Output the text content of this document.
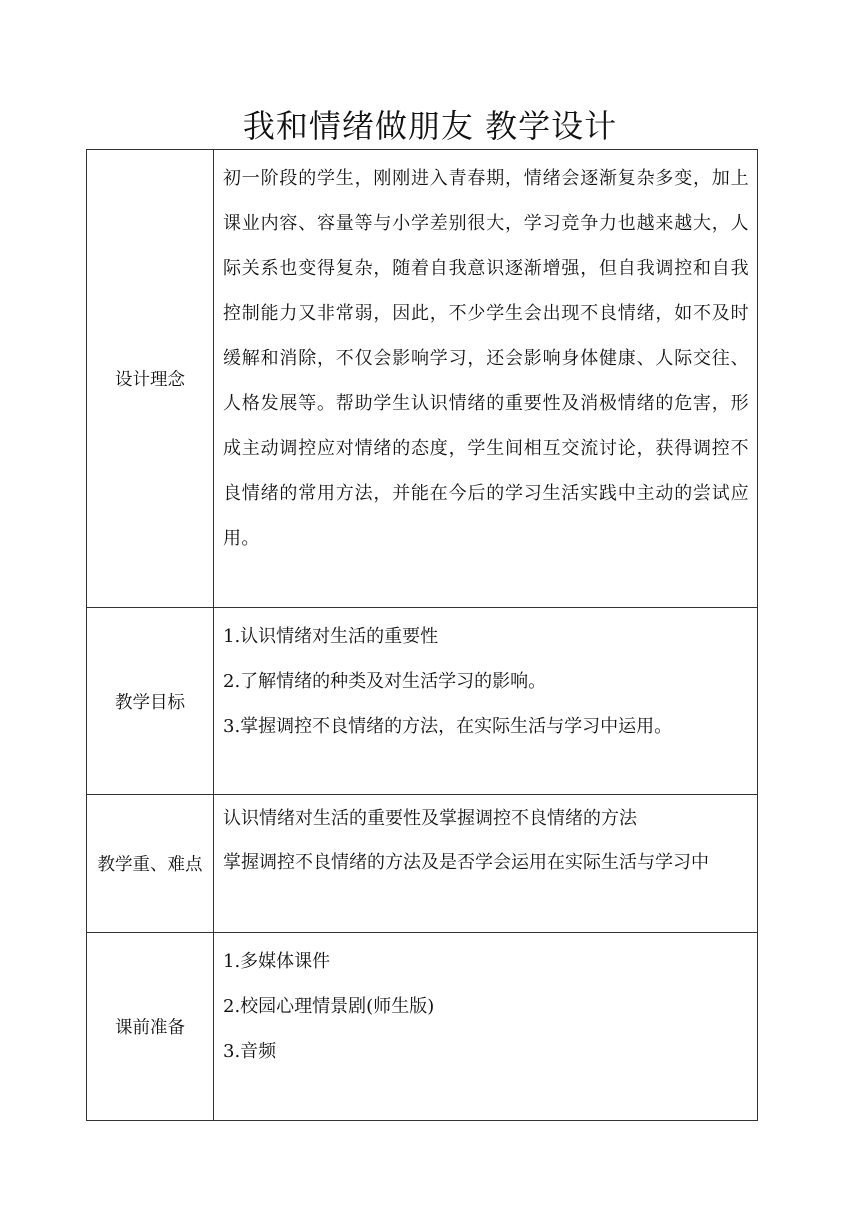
我和情绪做朋友 教学设计
设计理念	初一阶段的学生，刚刚进入青春期，情绪会逐渐复杂多变，加上课业内容、容量等与小学差别很大，学习竞争力也越来越大，人际关系也变得复杂，随着自我意识逐渐增强，但自我调控和自我控制能力又非常弱，因此，不少学生会出现不良情绪，如不及时缓解和消除，不仅会影响学习，还会影响身体健康、人际交往、人格发展等。帮助学生认识情绪的重要性及消极情绪的危害，形成主动调控应对情绪的态度，学生间相互交流讨论，获得调控不良情绪的常用方法，并能在今后的学习生活实践中主动的尝试应用。

教学目标	1.认识情绪对生活的重要性
2.了解情绪的种类及对生活学习的影响。
3.掌握调控不良情绪的方法，在实际生活与学习中运用。

教学重、难点	认识情绪对生活的重要性及掌握调控不良情绪的方法
掌握调控不良情绪的方法及是否学会运用在实际生活与学习中

课前准备	1.多媒体课件
2.校园心理情景剧(师生版)
3.音频
